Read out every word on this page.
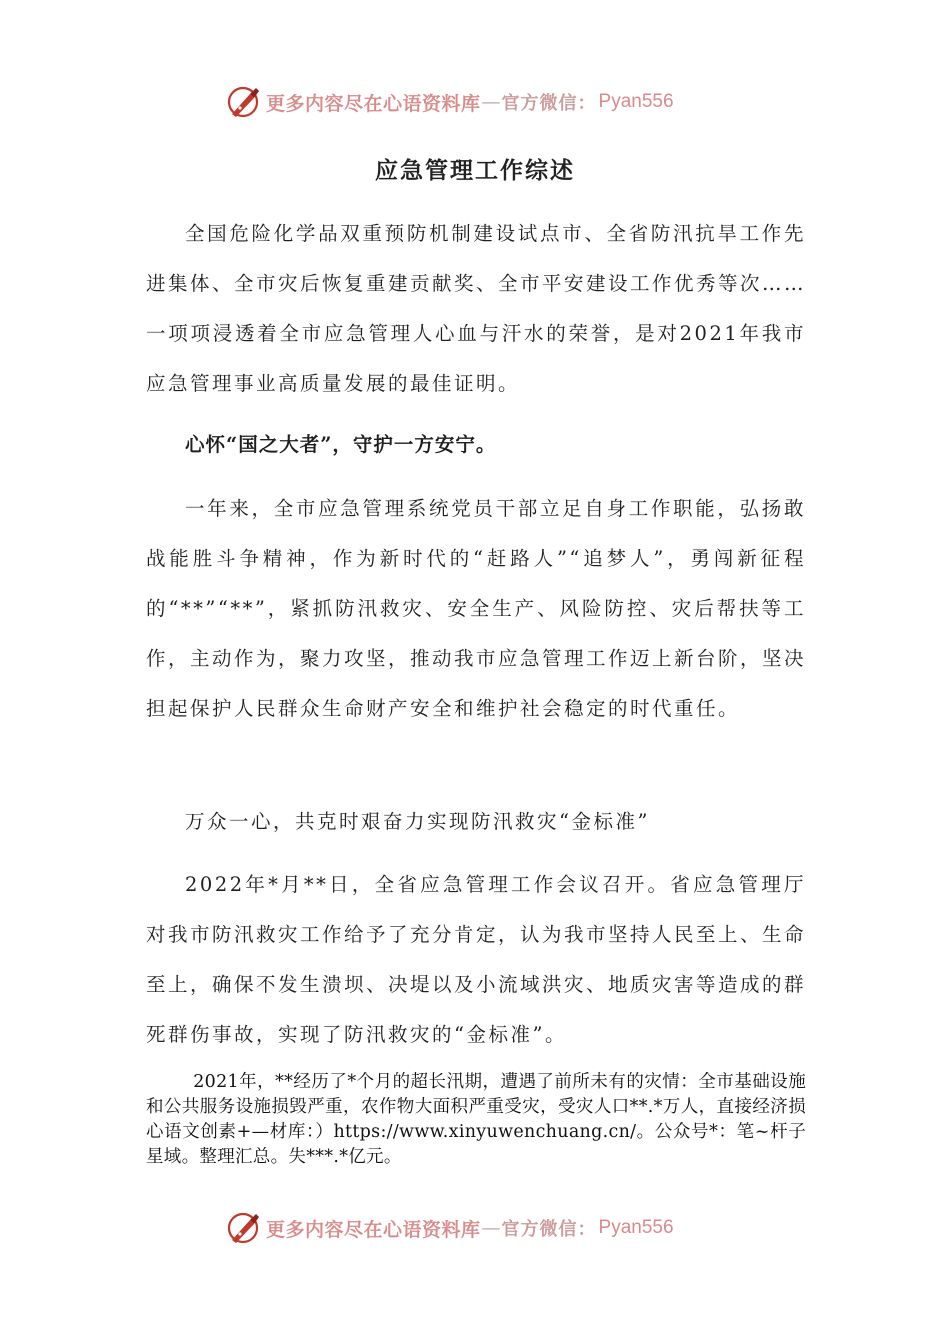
更多内容尽在心语资料库 — 官方微信： Pyan556
应急管理工作综述

全国危险化学品双重预防机制建设试点市、全省防汛抗旱工作先进集体、全市灾后恢复重建贡献奖、全市平安建设工作优秀等次……一项项浸透着全市应急管理人心血与汗水的荣誉，是对2021年我市应急管理事业高质量发展的最佳证明。

心怀“国之大者”，守护一方安宁。

一年来，全市应急管理系统党员干部立足自身工作职能，弘扬敢战能胜斗争精神，作为新时代的“赶路人”“追梦人”，勇闯新征程的“**”“**”，紧抓防汛救灾、安全生产、风险防控、灾后帮扶等工作，主动作为，聚力攻坚，推动我市应急管理工作迈上新台阶，坚决担起保护人民群众生命财产安全和维护社会稳定的时代重任。

万众一心，共克时艰奋力实现防汛救灾“金标准”

2022年*月**日，全省应急管理工作会议召开。省应急管理厅对我市防汛救灾工作给予了充分肯定，认为我市坚持人民至上、生命至上，确保不发生溃坝、决堤以及小流域洪灾、地质灾害等造成的群死群伤事故，实现了防汛救灾的“金标准”。

2021年，**经历了*个月的超长汛期，遭遇了前所未有的灾情：全市基础设施和公共服务设施损毁严重，农作物大面积严重受灾，受灾人口**.*万人，直接经济损心语文创素+—材库：）https://www.xinyuwenchuang.cn/。公众号*：笔~杆子星域。整理汇总。失***.*亿元。

更多内容尽在心语资料库 — 官方微信： Pyan556
